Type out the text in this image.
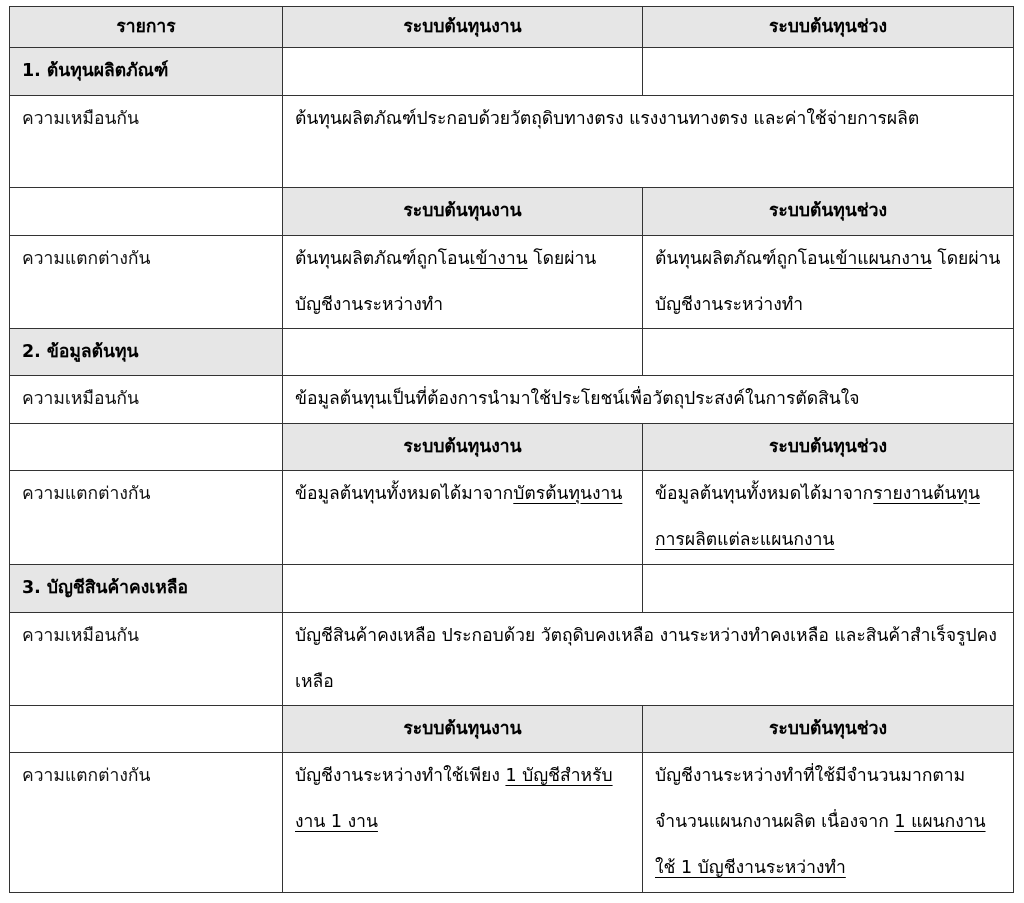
รายการ	ระบบต้นทุนงาน	ระบบต้นทุนช่วง
1. ต้นทุนผลิตภัณฑ์		
ความเหมือนกัน	ต้นทุนผลิตภัณฑ์ประกอบด้วยวัตถุดิบทางตรง แรงงานทางตรง และค่าใช้จ่ายการผลิต	
	ระบบต้นทุนงาน	ระบบต้นทุนช่วง
ความแตกต่างกัน	ต้นทุนผลิตภัณฑ์ถูกโอนเข้างาน โดยผ่านบัญชีงานระหว่างทำ	ต้นทุนผลิตภัณฑ์ถูกโอนเข้าแผนกงาน โดยผ่านบัญชีงานระหว่างทำ
2. ข้อมูลต้นทุน		
ความเหมือนกัน	ข้อมูลต้นทุนเป็นที่ต้องการนำมาใช้ประโยชน์เพื่อวัตถุประสงค์ในการตัดสินใจ	
	ระบบต้นทุนงาน	ระบบต้นทุนช่วง
ความแตกต่างกัน	ข้อมูลต้นทุนทั้งหมดได้มาจากบัตรต้นทุนงาน	ข้อมูลต้นทุนทั้งหมดได้มาจากรายงานต้นทุนการผลิตแต่ละแผนกงาน
3. บัญชีสินค้าคงเหลือ		
ความเหมือนกัน	บัญชีสินค้าคงเหลือ ประกอบด้วย วัตถุดิบคงเหลือ งานระหว่างทำคงเหลือ และสินค้าสำเร็จรูปคงเหลือ	
	ระบบต้นทุนงาน	ระบบต้นทุนช่วง
ความแตกต่างกัน	บัญชีงานระหว่างทำใช้เพียง 1 บัญชีสำหรับงาน 1 งาน	บัญชีงานระหว่างทำที่ใช้มีจำนวนมากตามจำนวนแผนกงานผลิต เนื่องจาก 1 แผนกงาน ใช้ 1 บัญชีงานระหว่างทำ
